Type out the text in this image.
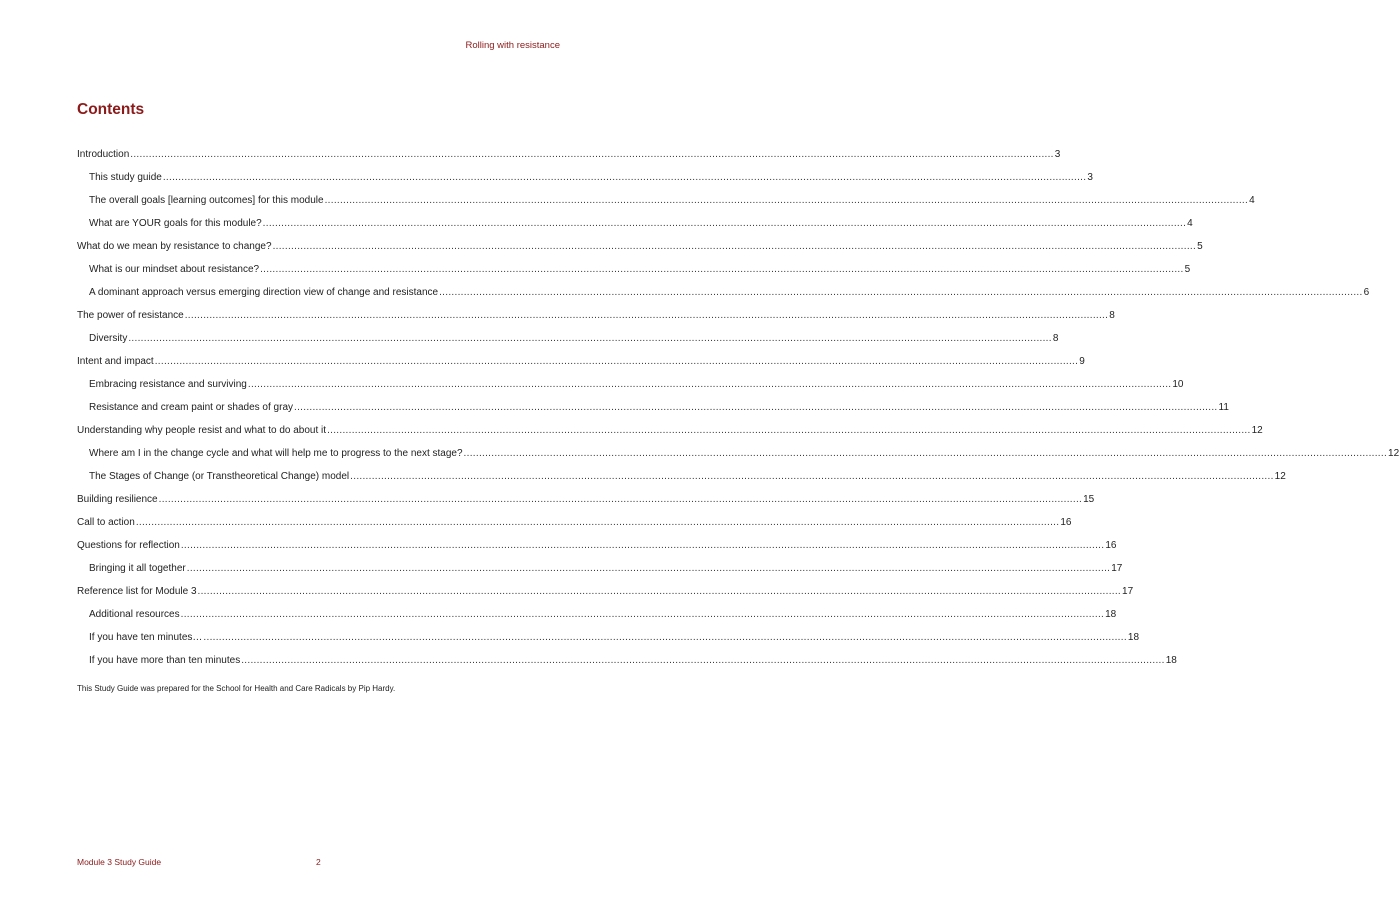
Rolling with resistance
Contents
Introduction ............................................................................................................................................................................................................................................................................................................ 3
This study guide ............................................................................................................................................................................................................................................................................................................ 3
The overall goals [learning outcomes] for this module ............................................................................................................................................................................................................................................................................................................ 4
What are YOUR goals for this module? ............................................................................................................................................................................................................................................................................................................ 4
What do we mean by resistance to change? ............................................................................................................................................................................................................................................................................................................ 5
What is our mindset about resistance? ............................................................................................................................................................................................................................................................................................................ 5
A dominant approach versus emerging direction view of change and resistance ............................................................................................................................................................................................................................................................................................................ 6
The power of resistance ............................................................................................................................................................................................................................................................................................................ 8
Diversity ............................................................................................................................................................................................................................................................................................................ 8
Intent and impact ............................................................................................................................................................................................................................................................................................................ 9
Embracing resistance and surviving ............................................................................................................................................................................................................................................................................................................ 10
Resistance and cream paint or shades of gray ............................................................................................................................................................................................................................................................................................................ 11
Understanding why people resist and what to do about it ............................................................................................................................................................................................................................................................................................................ 12
Where am I in the change cycle and what will help me to progress to the next stage? ............................................................................................................................................................................................................................................................................................................ 12
The Stages of Change (or Transtheoretical Change) model ............................................................................................................................................................................................................................................................................................................ 12
Building resilience ............................................................................................................................................................................................................................................................................................................ 15
Call to action ............................................................................................................................................................................................................................................................................................................ 16
Questions for reflection ............................................................................................................................................................................................................................................................................................................ 16
Bringing it all together ............................................................................................................................................................................................................................................................................................................ 17
Reference list for Module 3 ............................................................................................................................................................................................................................................................................................................ 17
Additional resources ............................................................................................................................................................................................................................................................................................................ 18
If you have ten minutes… ............................................................................................................................................................................................................................................................................................................ 18
If you have more than ten minutes ............................................................................................................................................................................................................................................................................................................ 18
This Study Guide was prepared for the School for Health and Care Radicals by Pip Hardy.
Module 3 Study Guide	2
